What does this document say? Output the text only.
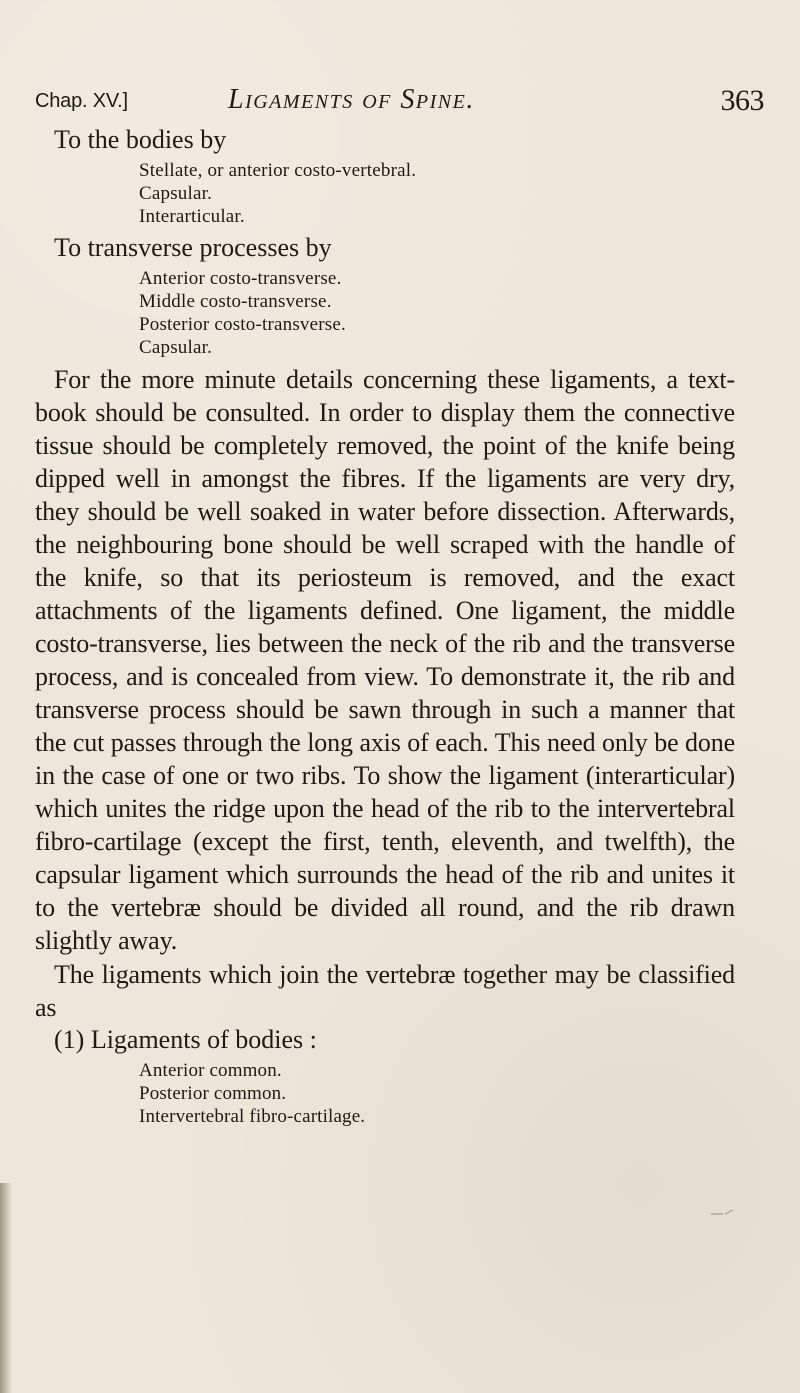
Chap. XV.]	Ligaments of Spine.	363
To the bodies by
Stellate, or anterior costo-vertebral.
Capsular.
Interarticular.
To transverse processes by
Anterior costo-transverse.
Middle costo-transverse.
Posterior costo-transverse.
Capsular.

For the more minute details concerning these ligaments, a text-book should be consulted. In order to display them the connective tissue should be completely removed, the point of the knife being dipped well in amongst the fibres. If the ligaments are very dry, they should be well soaked in water before dissection. Afterwards, the neighbouring bone should be well scraped with the handle of the knife, so that its periosteum is removed, and the exact attachments of the ligaments defined. One ligament, the middle costo-transverse, lies between the neck of the rib and the transverse process, and is concealed from view. To demonstrate it, the rib and transverse process should be sawn through in such a manner that the cut passes through the long axis of each. This need only be done in the case of one or two ribs. To show the ligament (interarticular) which unites the ridge upon the head of the rib to the intervertebral fibro-cartilage (except the first, tenth, eleventh, and twelfth), the capsular ligament which surrounds the head of the rib and unites it to the vertebræ should be divided all round, and the rib drawn slightly away.

The ligaments which join the vertebræ together may be classified as

(1) Ligaments of bodies :
Anterior common.
Posterior common.
Intervertebral fibro-cartilage.
